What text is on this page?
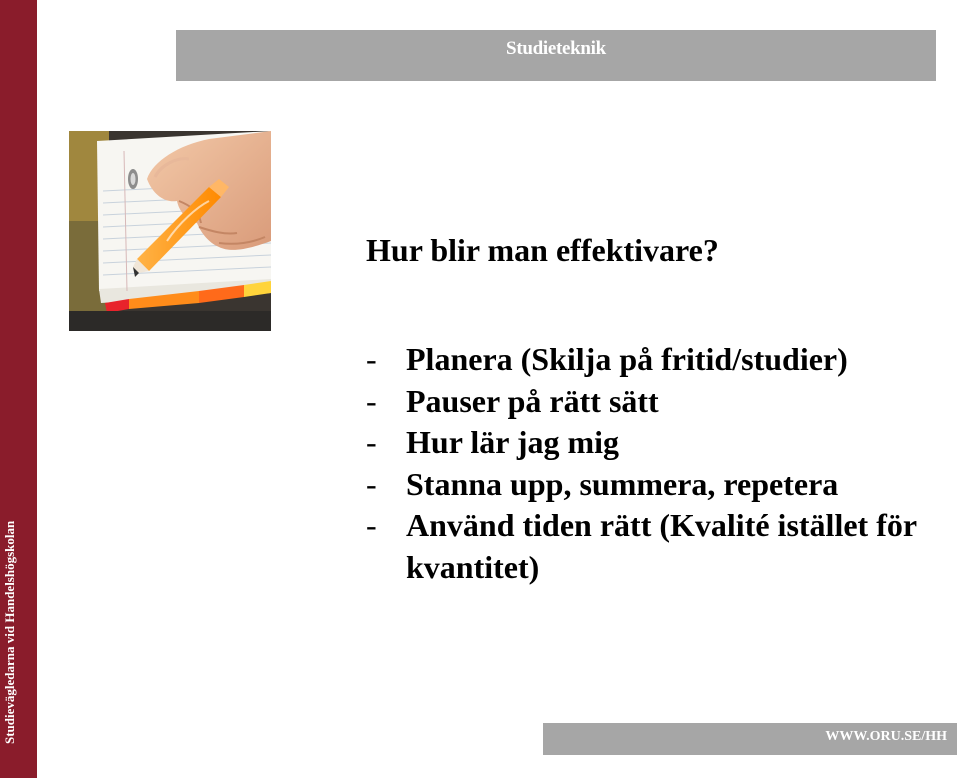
Studievägledarna vid Handelshögskolan
Studieteknik
Hur blir man effektivare?
- Planera (Skilja på fritid/studier)
- Pauser på rätt sätt
- Hur lär jag mig
- Stanna upp, summera, repetera
- Använd tiden rätt (Kvalité istället för kvantitet)
WWW.ORU.SE/HH
